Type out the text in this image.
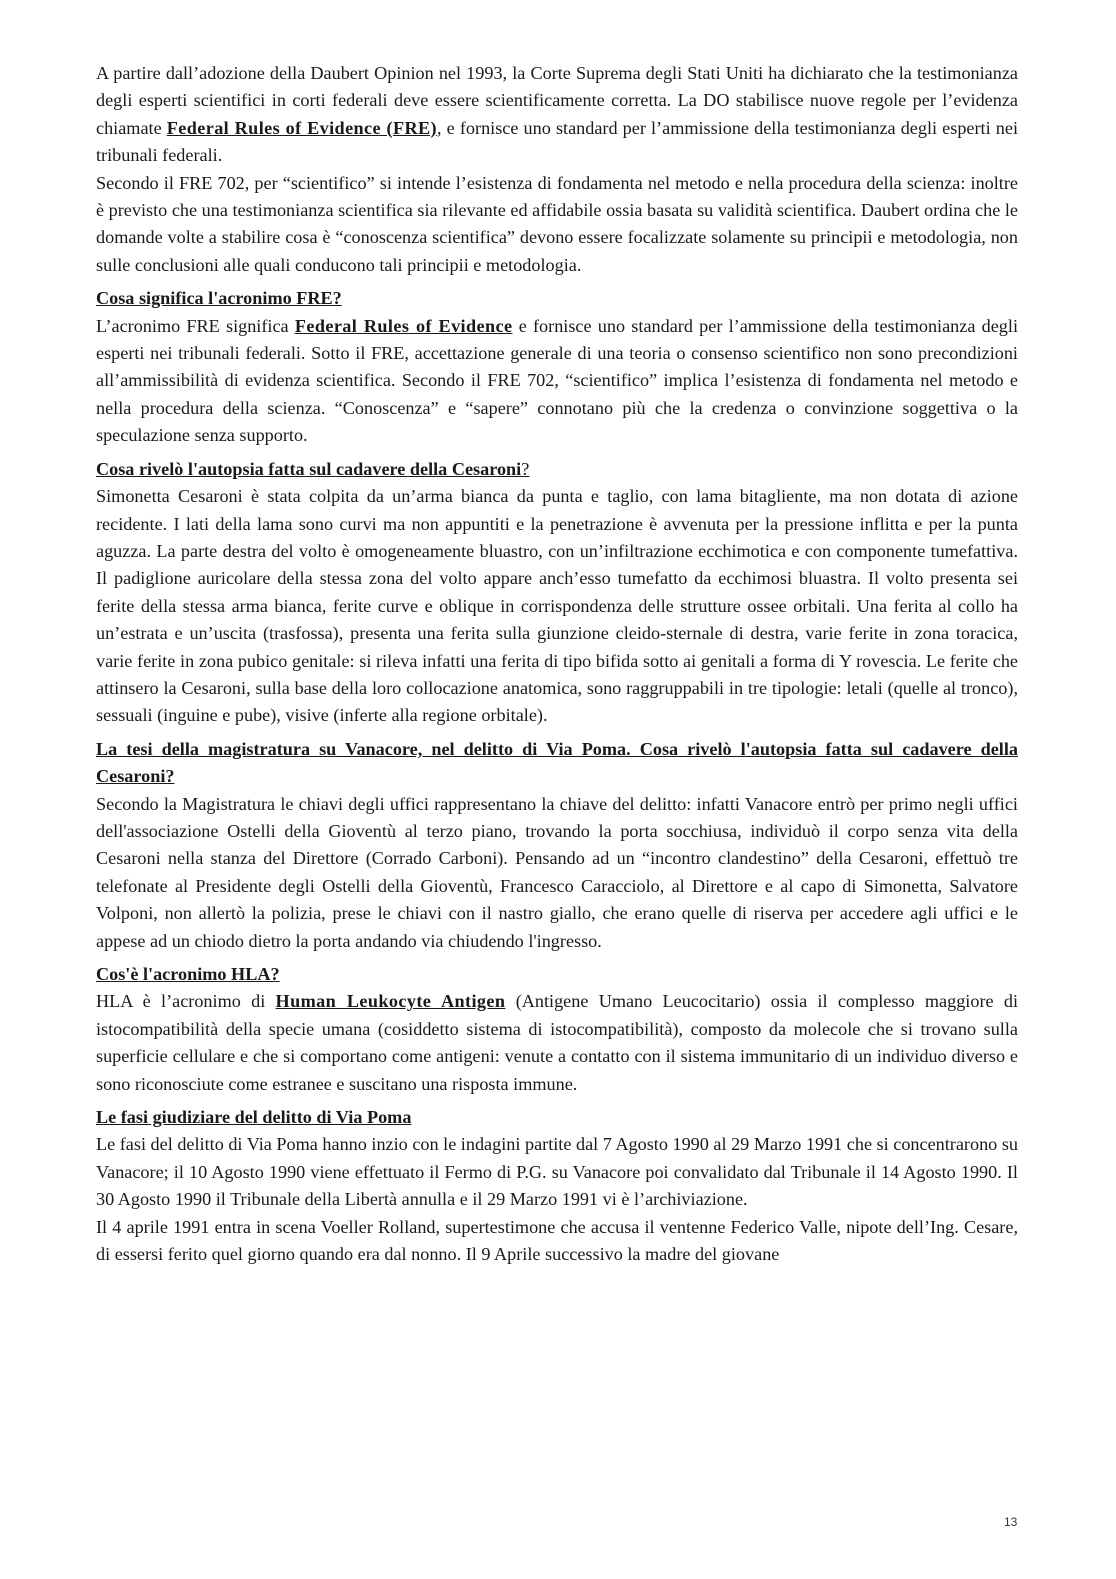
A partire dall’adozione della Daubert Opinion nel 1993, la Corte Suprema degli Stati Uniti ha dichiarato che la testimonianza degli esperti scientifici in corti federali deve essere scientificamente corretta. La DO stabilisce nuove regole per l’evidenza chiamate Federal Rules of Evidence (FRE), e fornisce uno standard per l’ammissione della testimonianza degli esperti nei tribunali federali.

Secondo il FRE 702, per “scientifico” si intende l’esistenza di fondamenta nel metodo e nella procedura della scienza: inoltre è previsto che una testimonianza scientifica sia rilevante ed affidabile ossia basata su validità scientifica. Daubert ordina che le domande volte a stabilire cosa è “conoscenza scientifica” devono essere focalizzate solamente su principii e metodologia, non sulle conclusioni alle quali conducono tali principii e metodologia.

Cosa significa l'acronimo FRE?

L’acronimo FRE significa Federal Rules of Evidence e fornisce uno standard per l’ammissione della testimonianza degli esperti nei tribunali federali. Sotto il FRE, accettazione generale di una teoria o consenso scientifico non sono precondizioni all’ammissibilità di evidenza scientifica. Secondo il FRE 702, “scientifico” implica l’esistenza di fondamenta nel metodo e nella procedura della scienza. “Conoscenza” e “sapere” connotano più che la credenza o convinzione soggettiva o la speculazione senza supporto.

Cosa rivelò l'autopsia fatta sul cadavere della Cesaroni?

Simonetta Cesaroni è stata colpita da un’arma bianca da punta e taglio, con lama bitagliente, ma non dotata di azione recidente. I lati della lama sono curvi ma non appuntiti e la penetrazione è avvenuta per la pressione inflitta e per la punta aguzza. La parte destra del volto è omogeneamente bluastro, con un’infiltrazione ecchimotica e con componente tumefattiva. Il padiglione auricolare della stessa zona del volto appare anch’esso tumefatto da ecchimosi bluastra. Il volto presenta sei ferite della stessa arma bianca, ferite curve e oblique in corrispondenza delle strutture ossee orbitali. Una ferita al collo ha un’estrata e un’uscita (trasfossa), presenta una ferita sulla giunzione cleido-sternale di destra, varie ferite in zona toracica, varie ferite in zona pubico genitale: si rileva infatti una ferita di tipo bifida sotto ai genitali a forma di Y rovescia. Le ferite che attinsero la Cesaroni, sulla base della loro collocazione anatomica, sono raggruppabili in tre tipologie: letali (quelle al tronco), sessuali (inguine e pube), visive (inferte alla regione orbitale).

La tesi della magistratura su Vanacore, nel delitto di Via Poma. Cosa rivelò l'autopsia fatta sul cadavere della Cesaroni?

Secondo la Magistratura le chiavi degli uffici rappresentano la chiave del delitto: infatti Vanacore entrò per primo negli uffici dell'associazione Ostelli della Gioventù al terzo piano, trovando la porta socchiusa, individuò il corpo senza vita della Cesaroni nella stanza del Direttore (Corrado Carboni). Pensando ad un “incontro clandestino” della Cesaroni, effettuò tre telefonate al Presidente degli Ostelli della Gioventù, Francesco Caracciolo, al Direttore e al capo di Simonetta, Salvatore Volponi, non allertò la polizia, prese le chiavi con il nastro giallo, che erano quelle di riserva per accedere agli uffici e le appese ad un chiodo dietro la porta andando via chiudendo l'ingresso.

Cos'è l'acronimo HLA?

HLA è l’acronimo di Human Leukocyte Antigen (Antigene Umano Leucocitario) ossia il complesso maggiore di istocompatibilità della specie umana (cosiddetto sistema di istocompatibilità), composto da molecole che si trovano sulla superficie cellulare e che si comportano come antigeni: venute a contatto con il sistema immunitario di un individuo diverso e sono riconosciute come estranee e suscitano una risposta immune.

Le fasi giudiziare del delitto di Via Poma

Le fasi del delitto di Via Poma hanno inzio con le indagini partite dal 7 Agosto 1990 al 29 Marzo 1991 che si concentrarono su Vanacore; il 10 Agosto 1990 viene effettuato il Fermo di P.G. su Vanacore poi convalidato dal Tribunale il 14 Agosto 1990. Il 30 Agosto 1990 il Tribunale della Libertà annulla e il 29 Marzo 1991 vi è l’archiviazione.

Il 4 aprile 1991 entra in scena Voeller Rolland, supertestimone che accusa il ventenne Federico Valle, nipote dell’Ing. Cesare, di essersi ferito quel giorno quando era dal nonno. Il 9 Aprile successivo la madre del giovane

13
